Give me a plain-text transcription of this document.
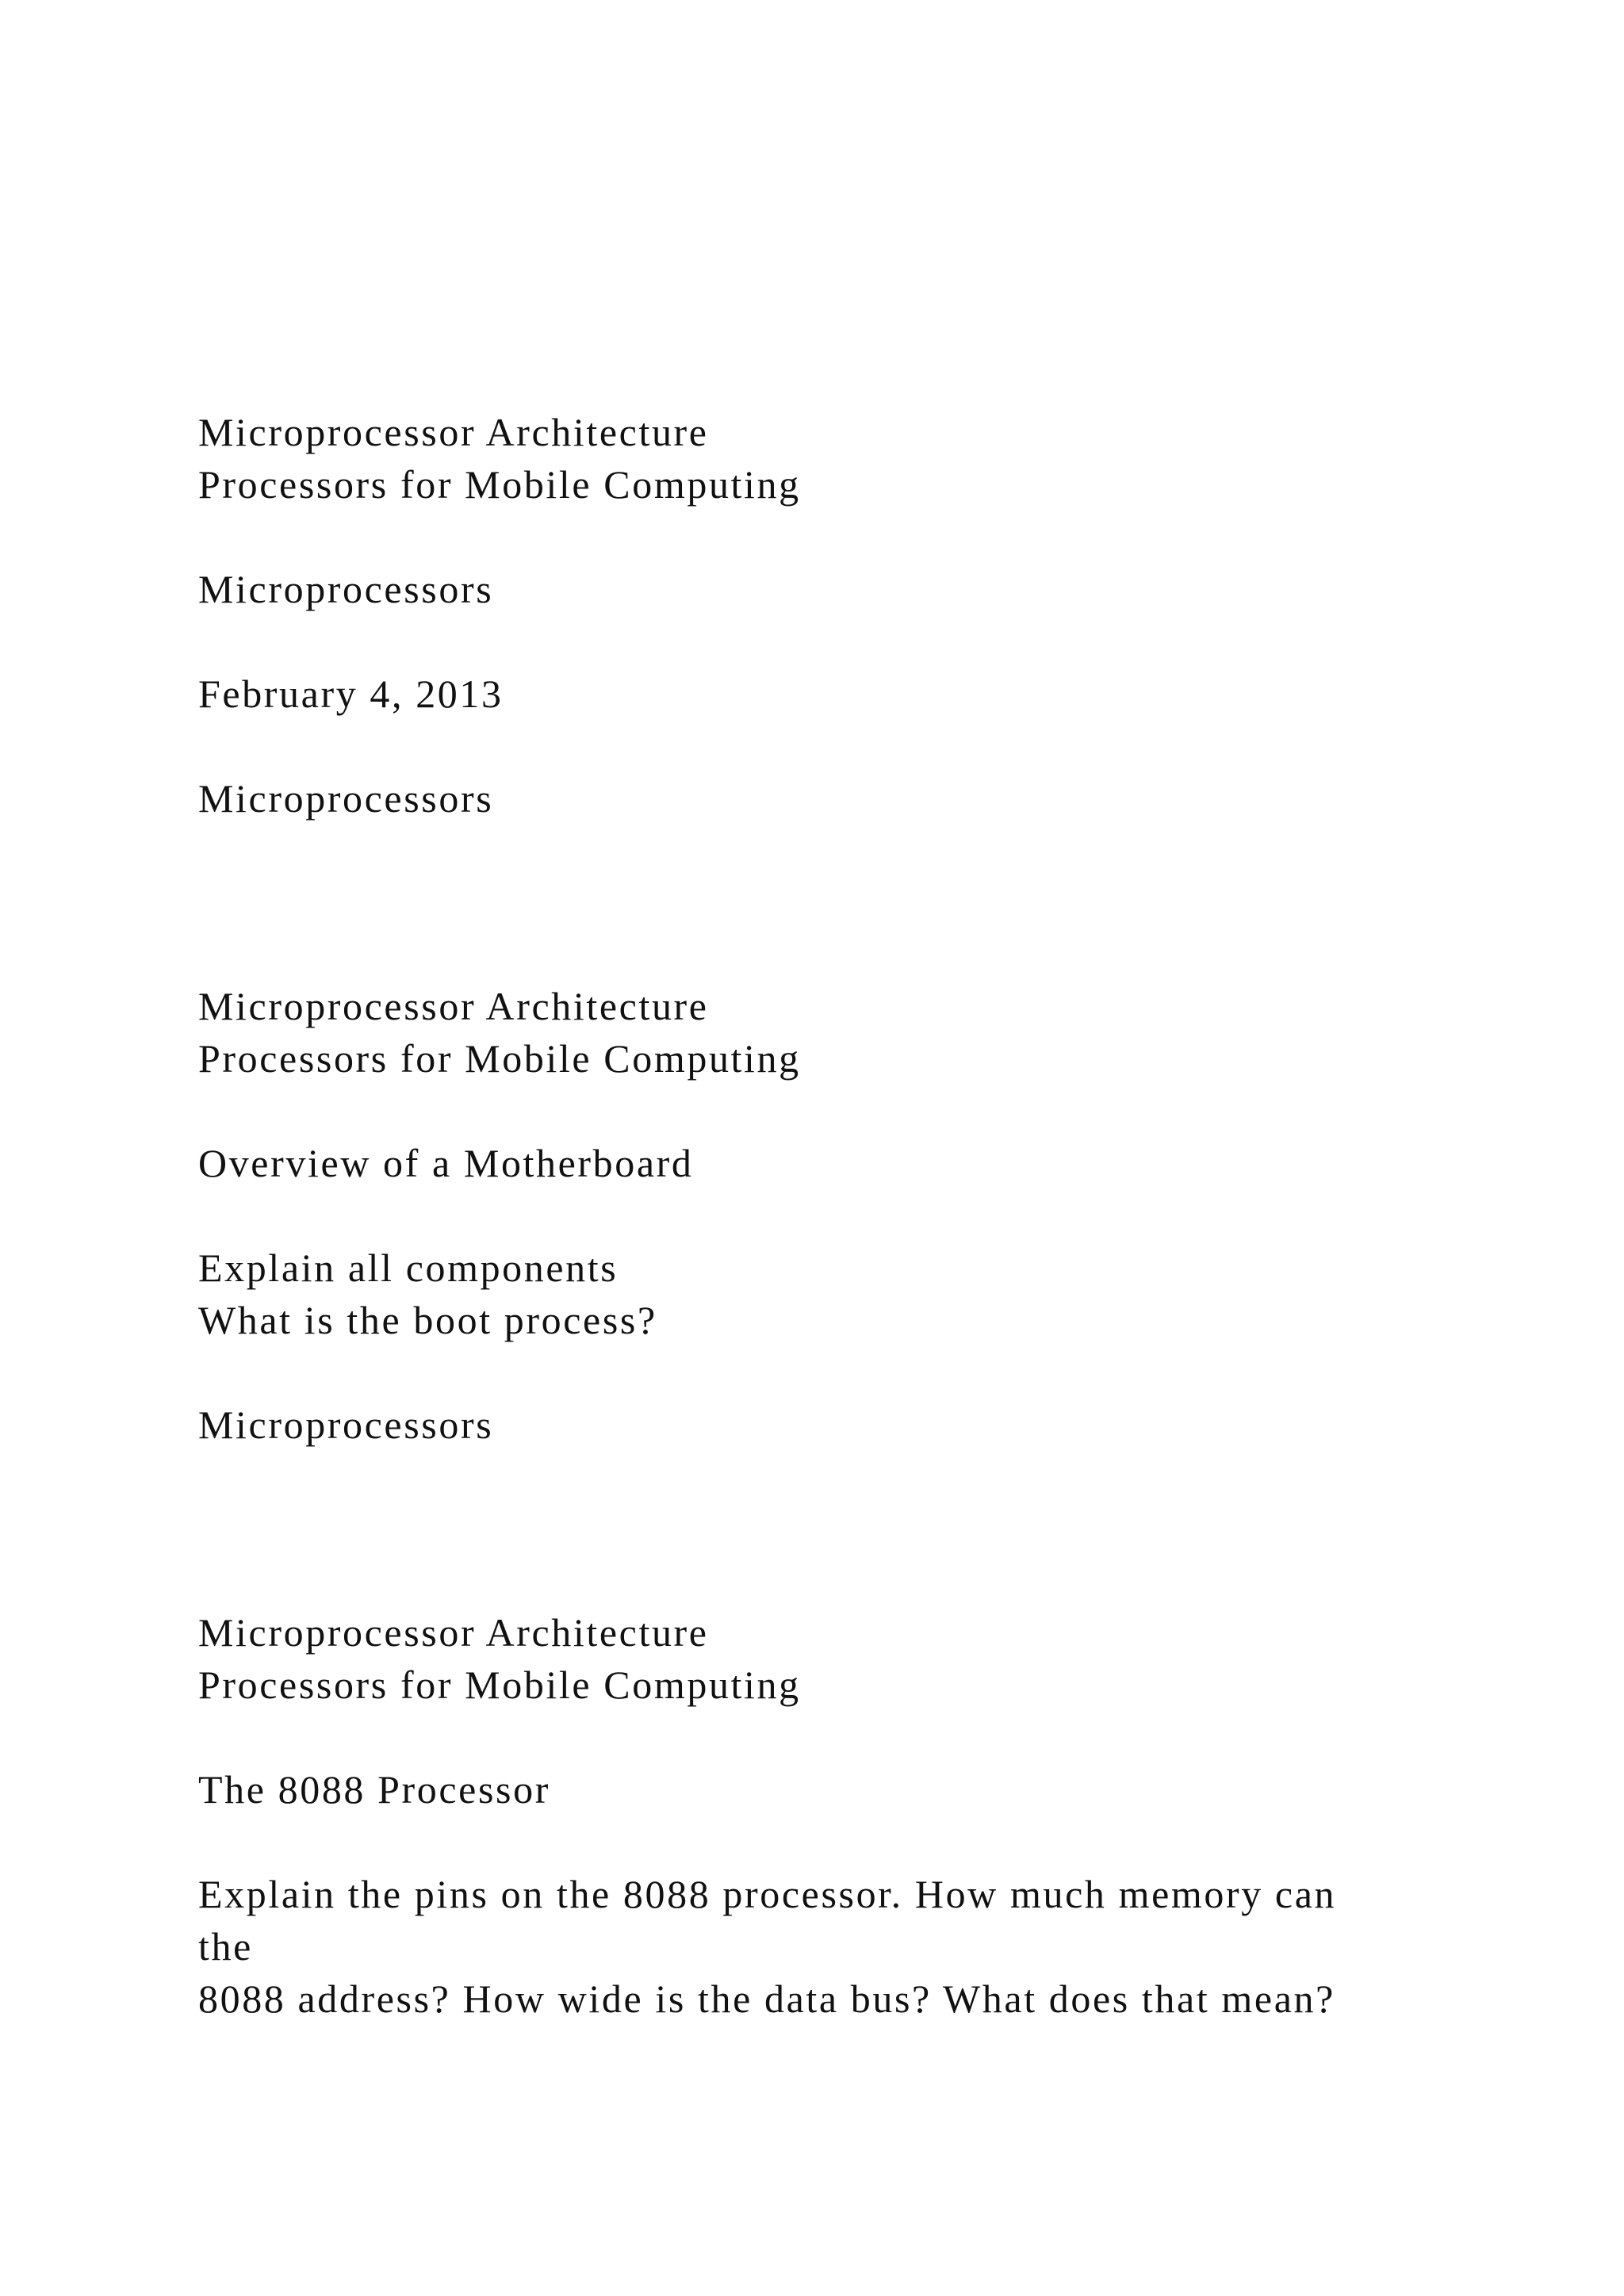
Microprocessor Architecture
Processors for Mobile Computing
Microprocessors
February 4, 2013
Microprocessors
Microprocessor Architecture
Processors for Mobile Computing
Overview of a Motherboard
Explain all components
What is the boot process?
Microprocessors
Microprocessor Architecture
Processors for Mobile Computing
The 8088 Processor
Explain the pins on the 8088 processor. How much memory can
the
8088 address? How wide is the data bus? What does that mean?
